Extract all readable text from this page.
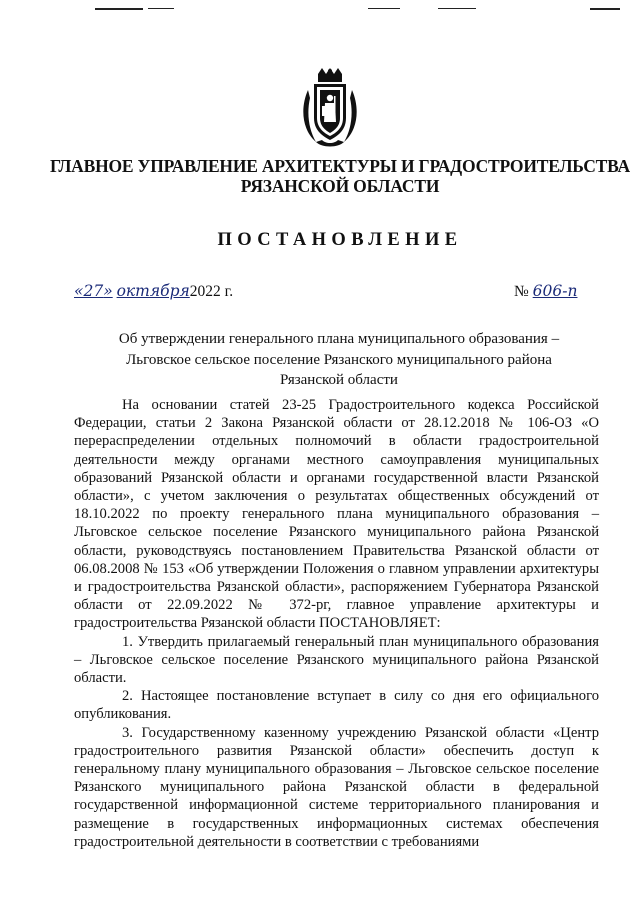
ГЛАВНОЕ УПРАВЛЕНИЕ АРХИТЕКТУРЫ И ГРАДОСТРОИТЕЛЬСТВА
РЯЗАНСКОЙ ОБЛАСТИ
ПОСТАНОВЛЕНИЕ
«27» октября2022 г.	№ 606-п
Об утверждении генерального плана муниципального образования –
Льговское сельское поселение Рязанского муниципального района
Рязанской области

На основании статей 23-25 Градостроительного кодекса Российской Федерации, статьи 2 Закона Рязанской области от 28.12.2018 № 106-ОЗ «О перераспределении отдельных полномочий в области градостроительной деятельности между органами местного самоуправления муниципальных образований Рязанской области и органами государственной власти Рязанской области», с учетом заключения о результатах общественных обсуждений от 18.10.2022 по проекту генерального плана муниципального образования – Льговское сельское поселение Рязанского муниципального района Рязанской области, руководствуясь постановлением Правительства Рязанской области от 06.08.2008 № 153 «Об утверждении Положения о главном управлении архитектуры и градостроительства Рязанской области», распоряжением Губернатора Рязанской области от 22.09.2022 № 372-рг, главное управление архитектуры и градостроительства Рязанской области ПОСТАНОВЛЯЕТ:

1. Утвердить прилагаемый генеральный план муниципального образования – Льговское сельское поселение Рязанского муниципального района Рязанской области.

2. Настоящее постановление вступает в силу со дня его официального опубликования.

3. Государственному казенному учреждению Рязанской области «Центр градостроительного развития Рязанской области» обеспечить доступ к генеральному плану муниципального образования – Льговское сельское поселение Рязанского муниципального района Рязанской области в федеральной государственной информационной системе территориального планирования и размещение в государственных информационных системах обеспечения градостроительной деятельности в соответствии с требованиями
